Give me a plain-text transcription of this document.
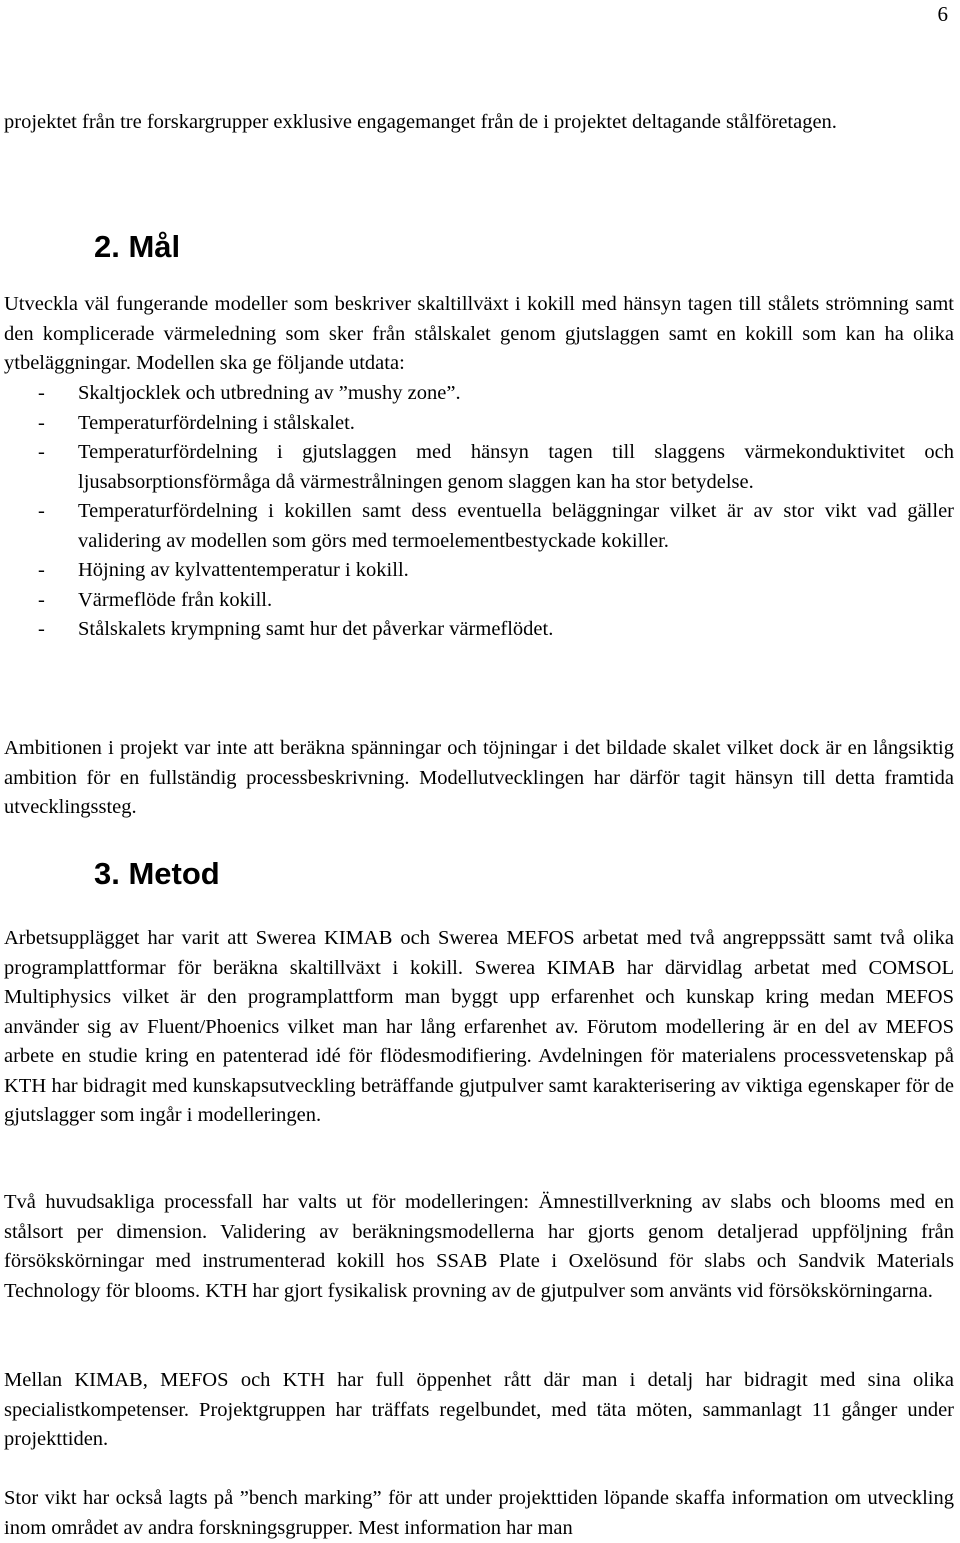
6

projektet från tre forskargrupper exklusive engagemanget från de i projektet deltagande stålföretagen.

2. Mål

Utveckla väl fungerande modeller som beskriver skaltillväxt i kokill med hänsyn tagen till stålets strömning samt den komplicerade värmeledning som sker från stålskalet genom gjutslaggen samt en kokill som kan ha olika ytbeläggningar. Modellen ska ge följande utdata:

- Skaltjocklek och utbredning av ”mushy zone”.
- Temperaturfördelning i stålskalet.
- Temperaturfördelning i gjutslaggen med hänsyn tagen till slaggens värmekonduktivitet och ljusabsorptionsförmåga då värmestrålningen genom slaggen kan ha stor betydelse.
- Temperaturfördelning i kokillen samt dess eventuella beläggningar vilket är av stor vikt vad gäller validering av modellen som görs med termoelementbestyckade kokiller.
- Höjning av kylvattentemperatur i kokill.
- Värmeflöde från kokill.
- Stålskalets krympning samt hur det påverkar värmeflödet.

Ambitionen i projekt var inte att beräkna spänningar och töjningar i det bildade skalet vilket dock är en långsiktig ambition för en fullständig processbeskrivning. Modellutvecklingen har därför tagit hänsyn till detta framtida utvecklingssteg.

3. Metod

Arbetsupplägget har varit att Swerea KIMAB och Swerea MEFOS arbetat med två angreppssätt samt två olika programplattformar för beräkna skaltillväxt i kokill. Swerea KIMAB har därvidlag arbetat med COMSOL Multiphysics vilket är den programplattform man byggt upp erfarenhet och kunskap kring medan MEFOS använder sig av Fluent/Phoenics vilket man har lång erfarenhet av. Förutom modellering är en del av MEFOS arbete en studie kring en patenterad idé för flödesmodifiering. Avdelningen för materialens processvetenskap på KTH har bidragit med kunskapsutveckling beträffande gjutpulver samt karakterisering av viktiga egenskaper för de gjutslagger som ingår i modelleringen.

Två huvudsakliga processfall har valts ut för modelleringen: Ämnestillverkning av slabs och blooms med en stålsort per dimension. Validering av beräkningsmodellerna har gjorts genom detaljerad uppföljning från försökskörningar med instrumenterad kokill hos SSAB Plate i Oxelösund för slabs och Sandvik Materials Technology för blooms. KTH har gjort fysikalisk provning av de gjutpulver som använts vid försökskörningarna.

Mellan KIMAB, MEFOS och KTH har full öppenhet rått där man i detalj har bidragit med sina olika specialistkompetenser. Projektgruppen har träffats regelbundet, med täta möten, sammanlagt 11 gånger under projekttiden.

Stor vikt har också lagts på ”bench marking” för att under projekttiden löpande skaffa information om utveckling inom området av andra forskningsgrupper. Mest information har man
